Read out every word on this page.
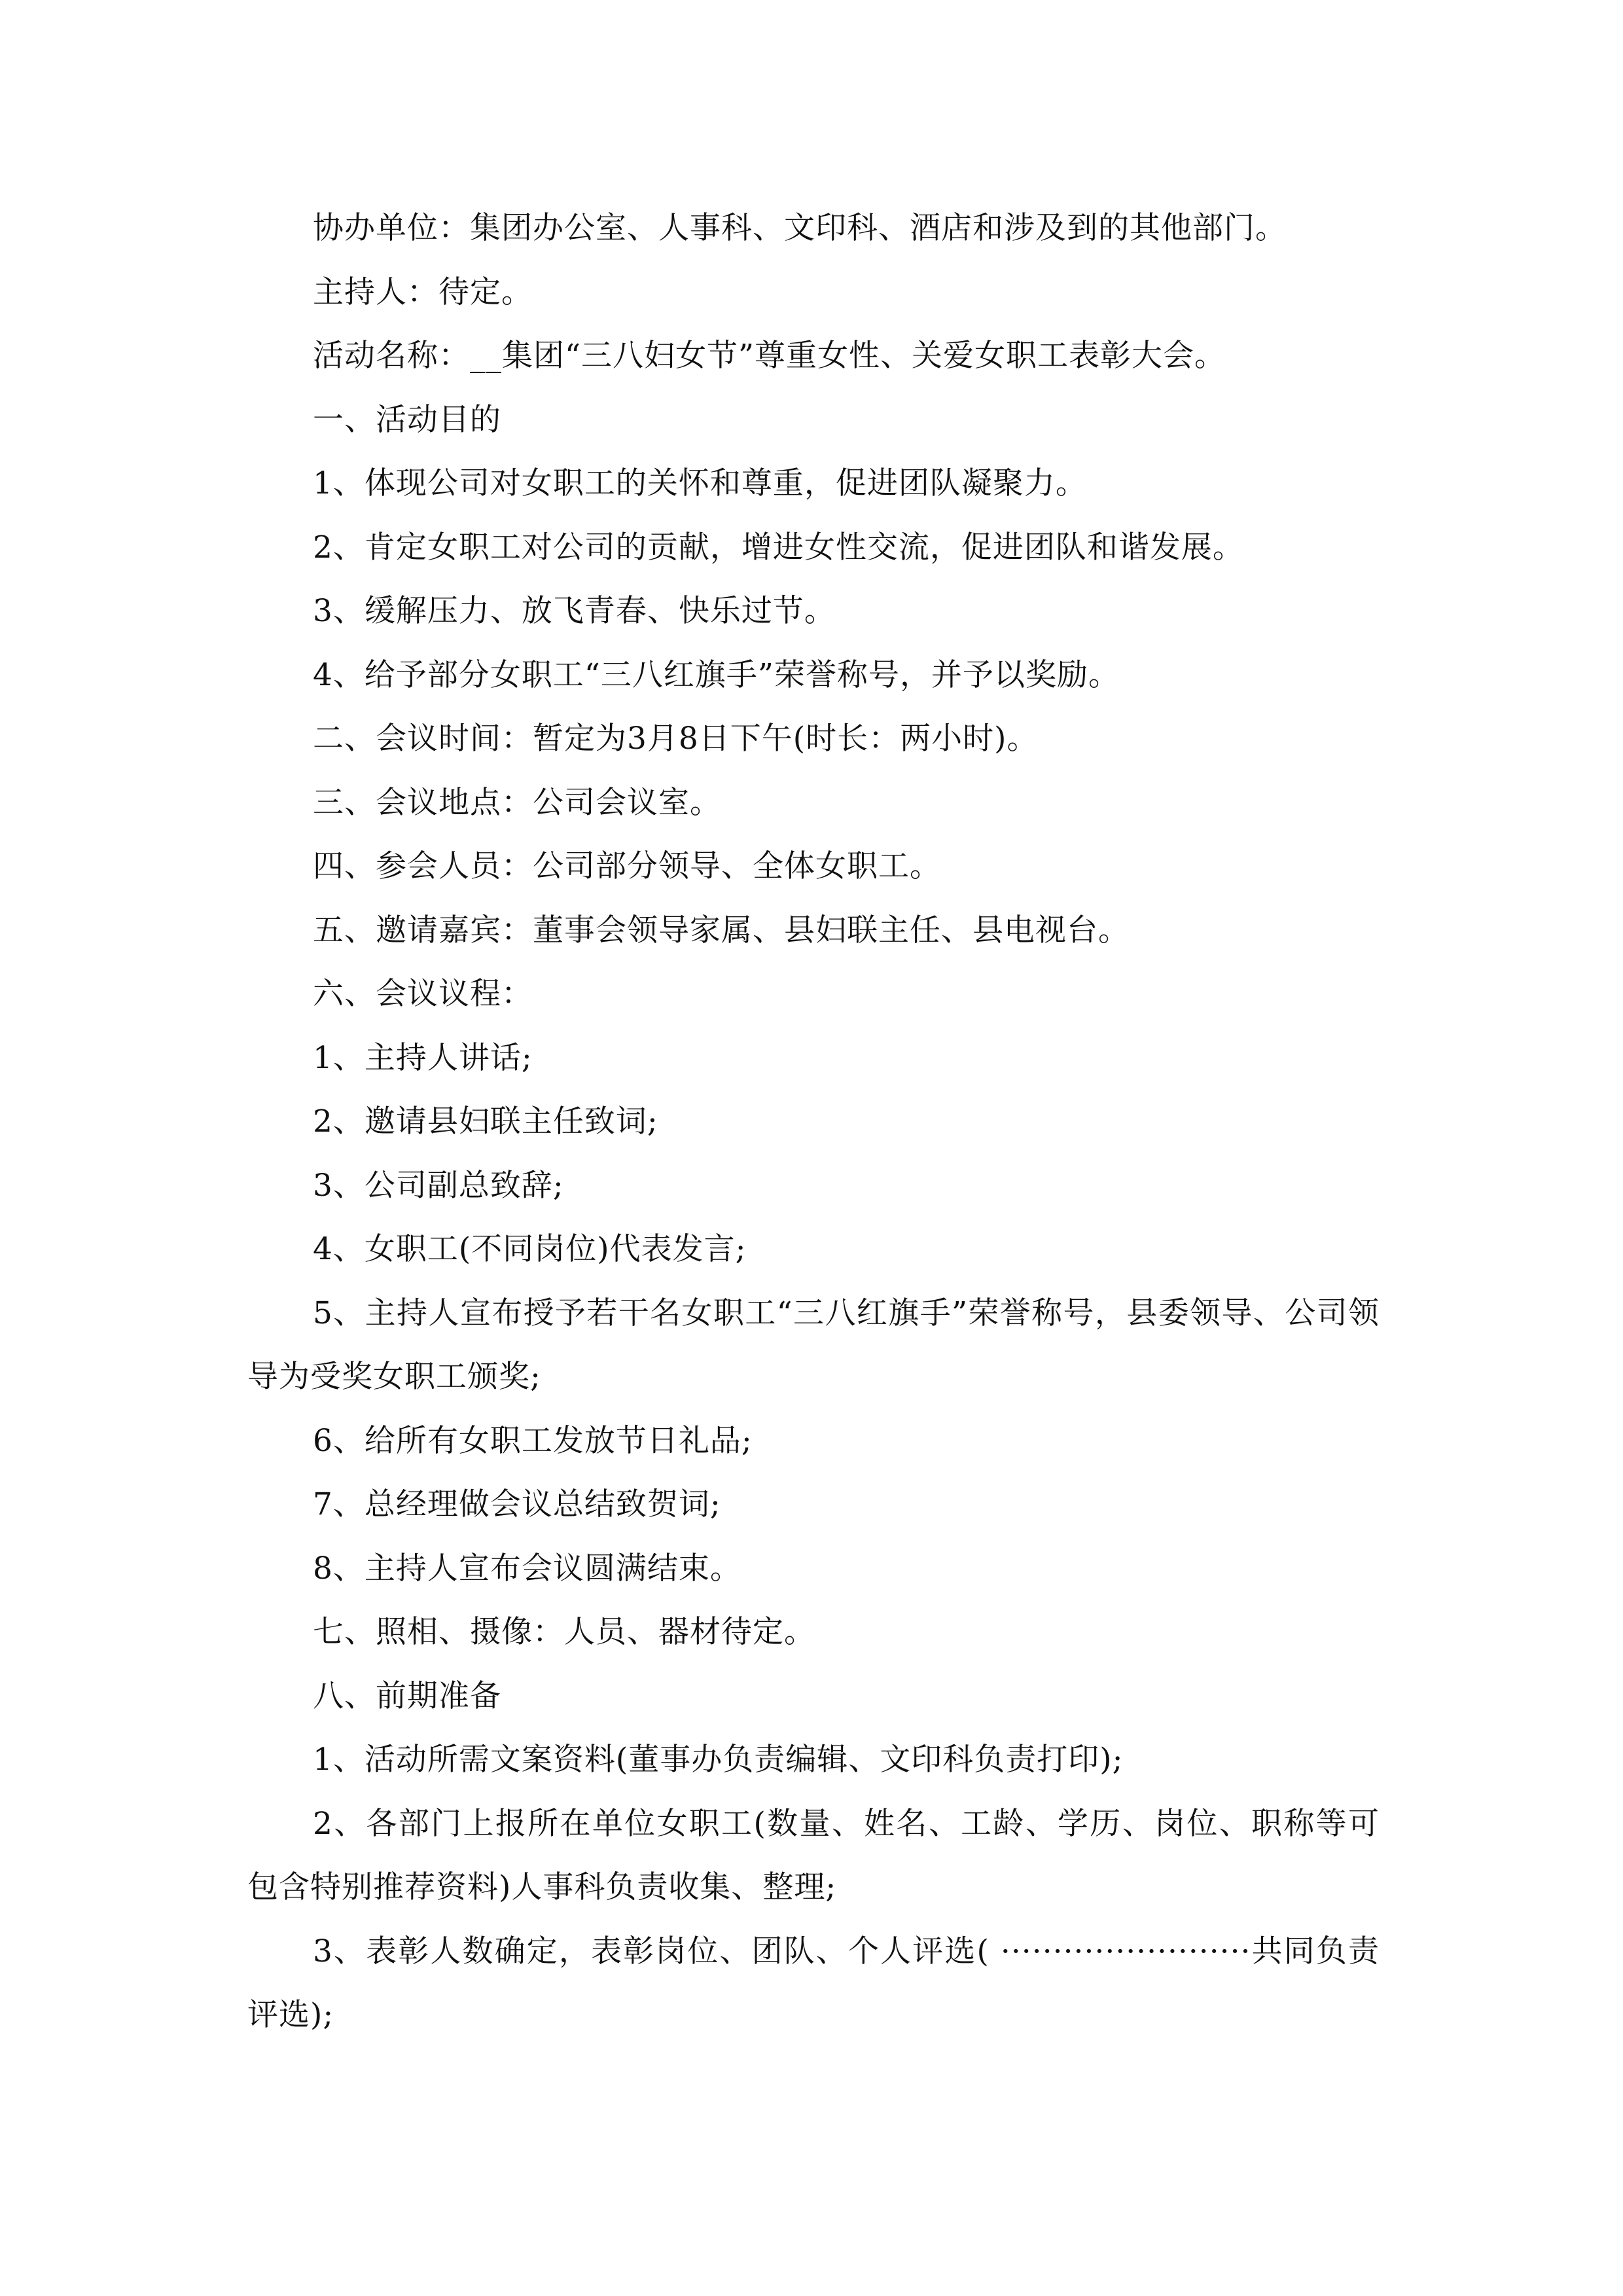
协办单位：集团办公室、人事科、文印科、酒店和涉及到的其他部门。

主持人：待定。

活动名称：__集团“三八妇女节”尊重女性、关爱女职工表彰大会。

一、活动目的

1、体现公司对女职工的关怀和尊重，促进团队凝聚力。

2、肯定女职工对公司的贡献，增进女性交流，促进团队和谐发展。

3、缓解压力、放飞青春、快乐过节。

4、给予部分女职工“三八红旗手”荣誉称号，并予以奖励。

二、会议时间：暂定为3月8日下午(时长：两小时)。

三、会议地点：公司会议室。

四、参会人员：公司部分领导、全体女职工。

五、邀请嘉宾：董事会领导家属、县妇联主任、县电视台。

六、会议议程：

1、主持人讲话;

2、邀请县妇联主任致词;

3、公司副总致辞;

4、女职工(不同岗位)代表发言;

5、主持人宣布授予若干名女职工“三八红旗手”荣誉称号，县委领导、公司领导为受奖女职工颁奖;

6、给所有女职工发放节日礼品;

7、总经理做会议总结致贺词;

8、主持人宣布会议圆满结束。

七、照相、摄像：人员、器材待定。

八、前期准备

1、活动所需文案资料(董事办负责编辑、文印科负责打印);

2、各部门上报所在单位女职工(数量、姓名、工龄、学历、岗位、职称等可包含特别推荐资料)人事科负责收集、整理;

3、表彰人数确定，表彰岗位、团队、个人评选( ························共同负责评选);
